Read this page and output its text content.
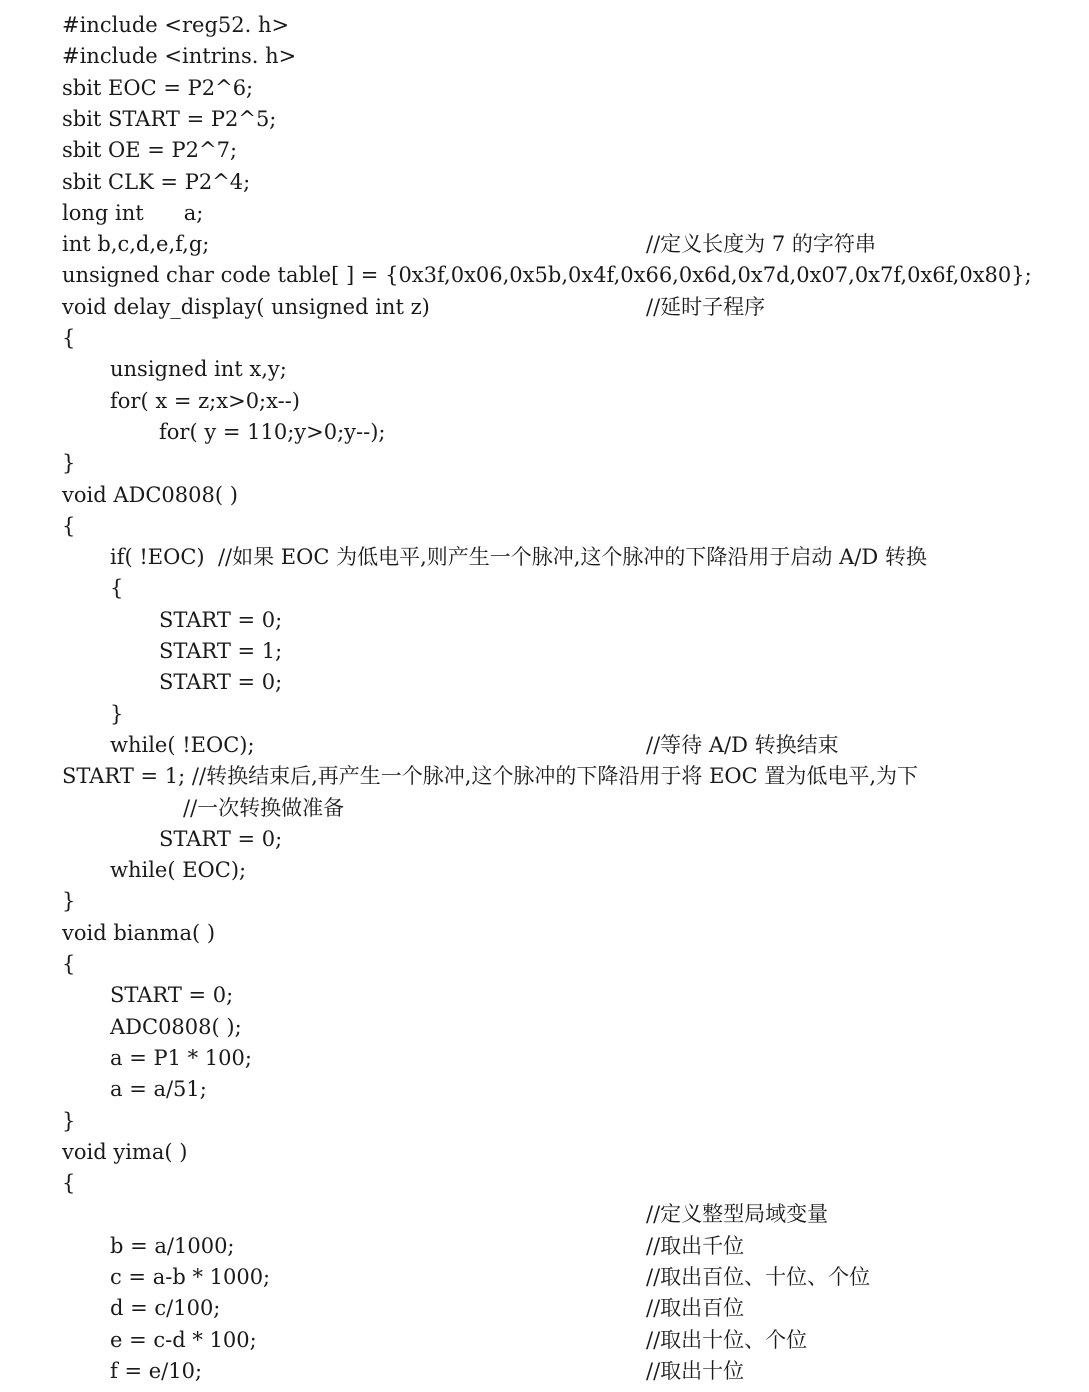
#include <reg52. h>
#include <intrins. h>
sbit EOC = P2^6;
sbit START = P2^5;
sbit OE = P2^7;
sbit CLK = P2^4;
long int      a;
int b,c,d,e,f,g;	//定义长度为 7 的字符串
unsigned char code table[ ] = {0x3f,0x06,0x5b,0x4f,0x66,0x6d,0x7d,0x07,0x7f,0x6f,0x80};
void delay_display( unsigned int z)	//延时子程序
{
unsigned int x,y;
for( x = z;x>0;x--)
for( y = 110;y>0;y--);
}
void ADC0808( )
{
if( !EOC)  //如果 EOC 为低电平,则产生一个脉冲,这个脉冲的下降沿用于启动 A/D 转换
{
START = 0;
START = 1;
START = 0;
}
while( !EOC);	//等待 A/D 转换结束
START = 1; //转换结束后,再产生一个脉冲,这个脉冲的下降沿用于将 EOC 置为低电平,为下
//一次转换做准备
START = 0;
while( EOC);
}
void bianma( )
{
START = 0;
ADC0808( );
a = P1 * 100;
a = a/51;
}
void yima( )
{
//定义整型局域变量
b = a/1000;	//取出千位
c = a-b * 1000;	//取出百位、十位、个位
d = c/100;	//取出百位
e = c-d * 100;	//取出十位、个位
f = e/10;	//取出十位
